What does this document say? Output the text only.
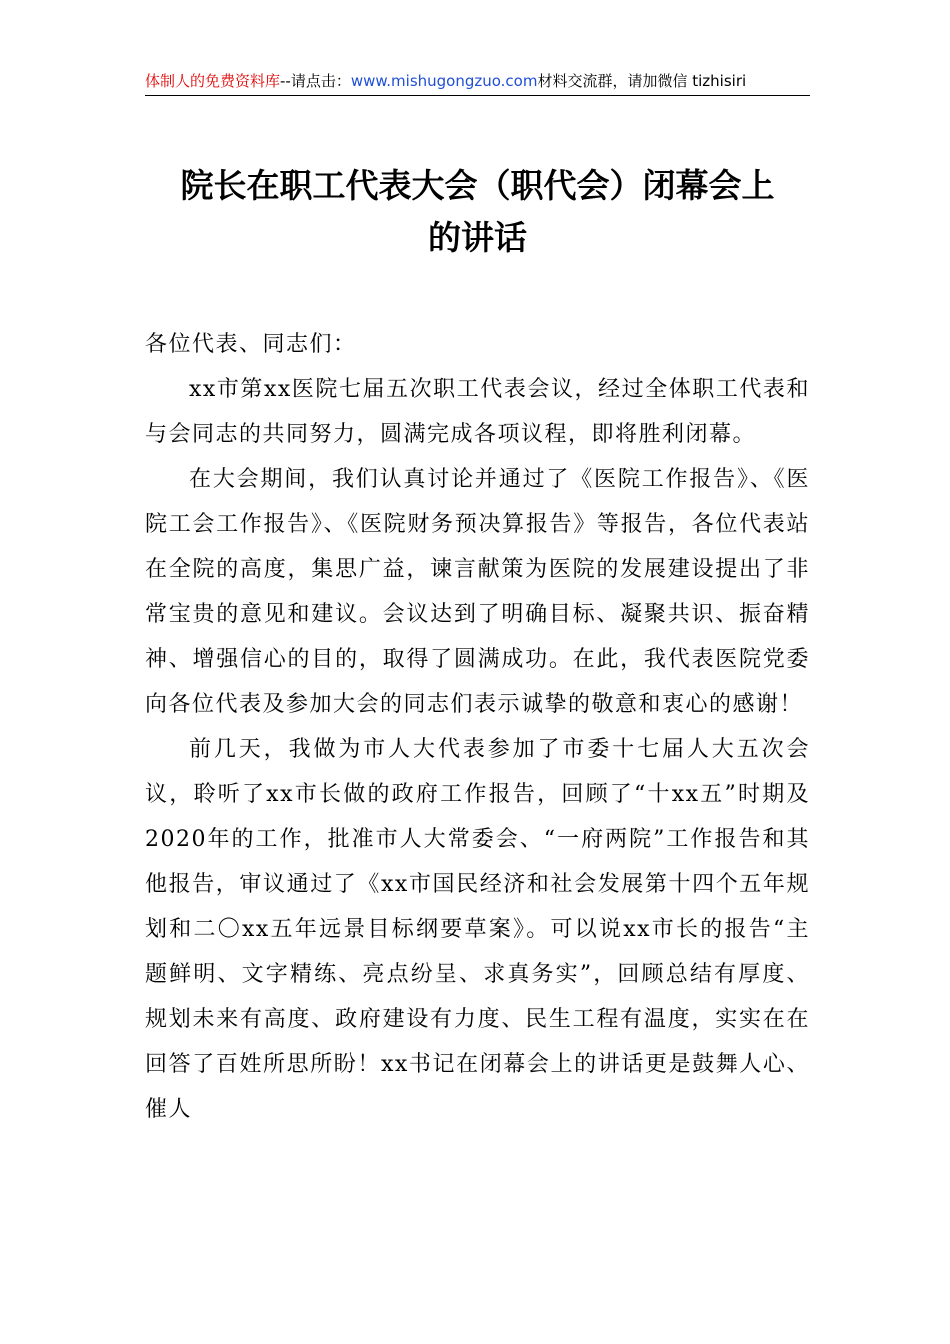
体制人的免费资料库--请点击：www.mishugongzuo.com材料交流群，请加微信 tizhisiri
院长在职工代表大会（职代会）闭幕会上
的讲话

各位代表、同志们：

xx市第xx医院七届五次职工代表会议，经过全体职工代表和与会同志的共同努力，圆满完成各项议程，即将胜利闭幕。

在大会期间，我们认真讨论并通过了《医院工作报告》、《医院工会工作报告》、《医院财务预决算报告》等报告，各位代表站在全院的高度，集思广益，谏言献策为医院的发展建设提出了非常宝贵的意见和建议。会议达到了明确目标、凝聚共识、振奋精神、增强信心的目的，取得了圆满成功。在此，我代表医院党委向各位代表及参加大会的同志们表示诚挚的敬意和衷心的感谢！

前几天，我做为市人大代表参加了市委十七届人大五次会议，聆听了xx市长做的政府工作报告，回顾了“十xx五”时期及2020年的工作，批准市人大常委会、“一府两院”工作报告和其他报告，审议通过了《xx市国民经济和社会发展第十四个五年规划和二〇xx五年远景目标纲要草案》。可以说xx市长的报告“主题鲜明、文字精练、亮点纷呈、求真务实”，回顾总结有厚度、规划未来有高度、政府建设有力度、民生工程有温度，实实在在回答了百姓所思所盼！xx书记在闭幕会上的讲话更是鼓舞人心、催人
